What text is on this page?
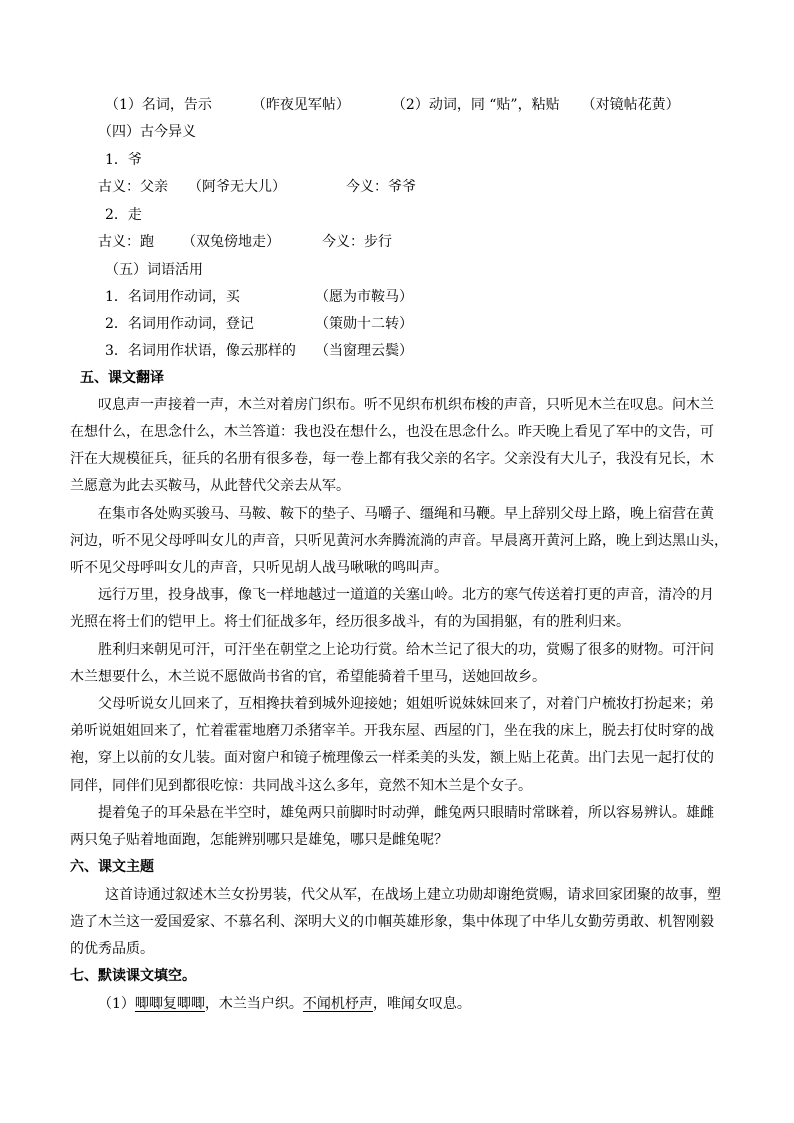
（1）名词，告示	（昨夜见军帖）	（2）动词，同 “贴”，粘贴 （对镜帖花黄）
（四）古今异义
1．爷
古义：父亲 （阿爷无大儿）	今义：爷爷
2．走
古义：跑 （双兔傍地走）	今义：步行
（五）词语活用
1．名词用作动词，买	（愿为市鞍马）
2．名词用作动词，登记	（策勋十二转）
3．名词用作状语，像云那样的 （当窗理云鬓）
五、课文翻译
叹息声一声接着一声，木兰对着房门织布。听不见织布机织布梭的声音，只听见木兰在叹息。问木兰
在想什么，在思念什么，木兰答道：我也没在想什么，也没在思念什么。昨天晚上看见了军中的文告，可
汗在大规模征兵，征兵的名册有很多卷，每一卷上都有我父亲的名字。父亲没有大儿子，我没有兄长，木
兰愿意为此去买鞍马，从此替代父亲去从军。
在集市各处购买骏马、马鞍、鞍下的垫子、马嚼子、缰绳和马鞭。早上辞别父母上路，晚上宿营在黄
河边，听不见父母呼叫女儿的声音，只听见黄河水奔腾流淌的声音。早晨离开黄河上路，晚上到达黑山头，
听不见父母呼叫女儿的声音，只听见胡人战马啾啾的鸣叫声。
远行万里，投身战事，像飞一样地越过一道道的关塞山岭。北方的寒气传送着打更的声音，清冷的月
光照在将士们的铠甲上。将士们征战多年，经历很多战斗，有的为国捐躯，有的胜利归来。
胜利归来朝见可汗，可汗坐在朝堂之上论功行赏。给木兰记了很大的功，赏赐了很多的财物。可汗问
木兰想要什么，木兰说不愿做尚书省的官，希望能骑着千里马，送她回故乡。
父母听说女儿回来了，互相搀扶着到城外迎接她；姐姐听说妹妹回来了，对着门户梳妆打扮起来；弟
弟听说姐姐回来了，忙着霍霍地磨刀杀猪宰羊。开我东屋、西屋的门，坐在我的床上，脱去打仗时穿的战
袍，穿上以前的女儿装。面对窗户和镜子梳理像云一样柔美的头发，额上贴上花黄。出门去见一起打仗的
同伴，同伴们见到都很吃惊：共同战斗这么多年，竟然不知木兰是个女子。
提着兔子的耳朵悬在半空时，雄兔两只前脚时时动弹，雌兔两只眼睛时常眯着，所以容易辨认。雄雌
两只兔子贴着地面跑，怎能辨别哪只是雄兔，哪只是雌兔呢？
六、课文主题
这首诗通过叙述木兰女扮男装，代父从军，在战场上建立功勋却谢绝赏赐，请求回家团聚的故事，塑
造了木兰这一爱国爱家、不慕名利、深明大义的巾帼英雄形象，集中体现了中华儿女勤劳勇敢、机智刚毅
的优秀品质。
七、默读课文填空。
（1）唧唧复唧唧，木兰当户织。不闻机杼声，唯闻女叹息。
